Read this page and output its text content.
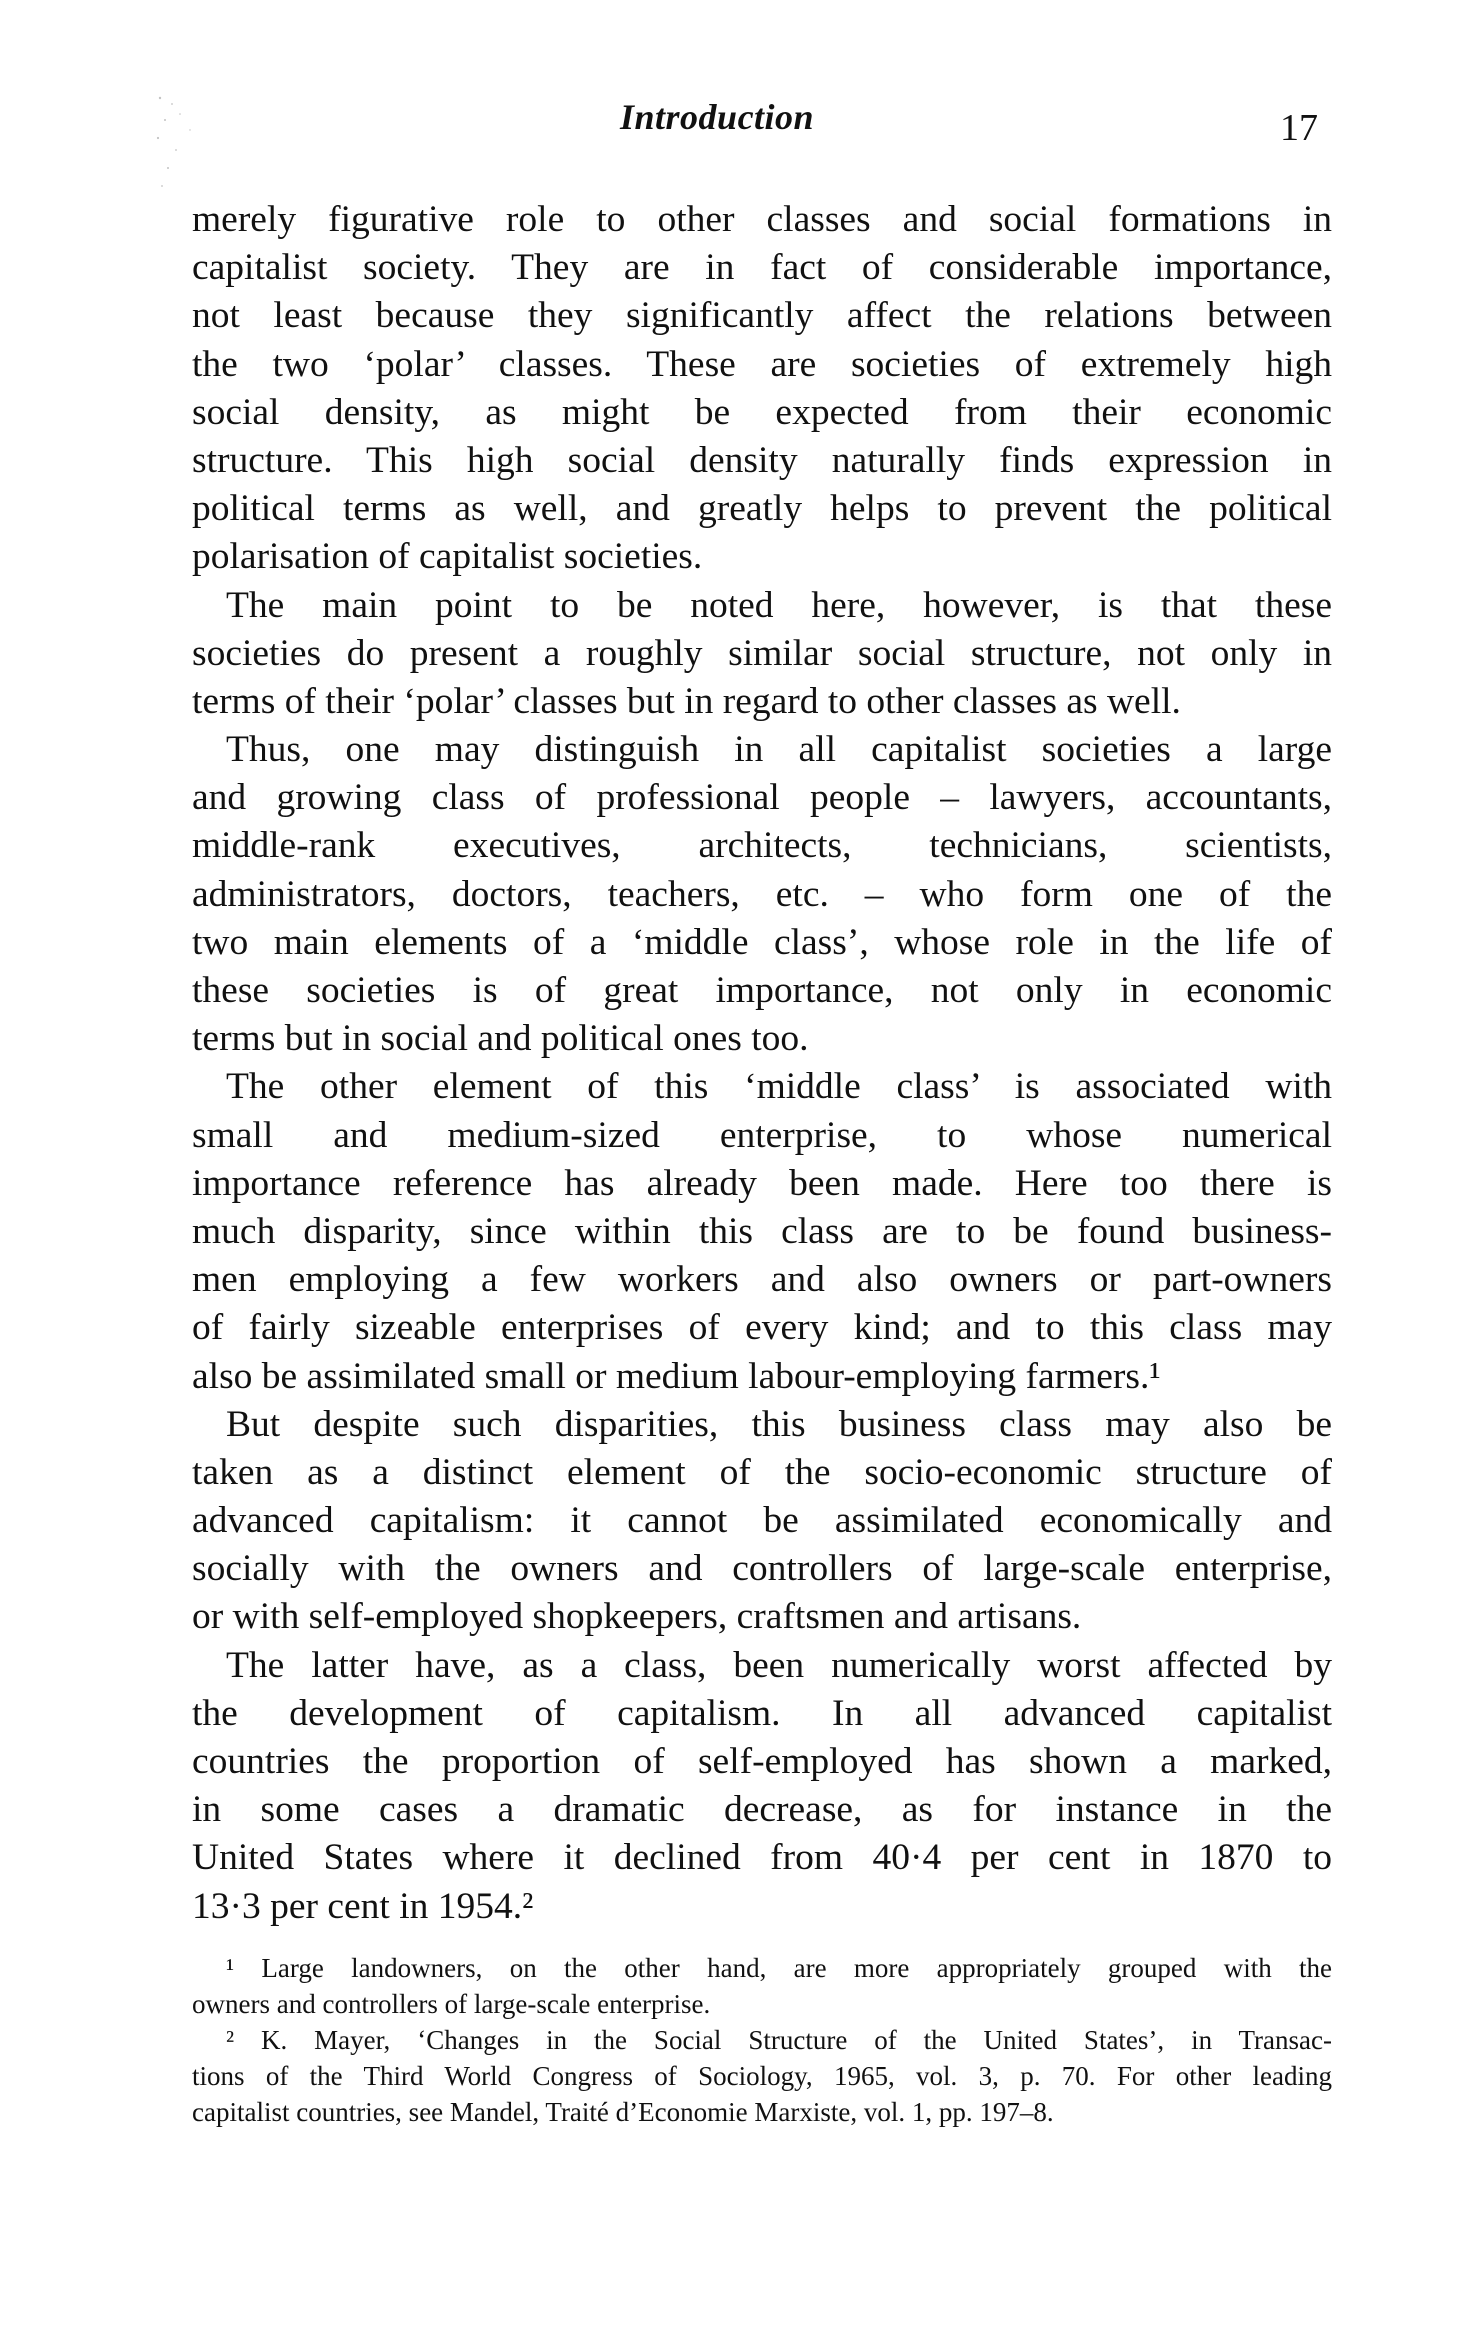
Introduction	17
merely figurative role to other classes and social formations in
capitalist society. They are in fact of considerable importance,
not least because they significantly affect the relations between
the two ‘polar’ classes. These are societies of extremely high
social density, as might be expected from their economic
structure. This high social density naturally finds expression in
political terms as well, and greatly helps to prevent the political
polarisation of capitalist societies.
The main point to be noted here, however, is that these
societies do present a roughly similar social structure, not only in
terms of their ‘polar’ classes but in regard to other classes as well.
Thus, one may distinguish in all capitalist societies a large
and growing class of professional people – lawyers, accountants,
middle-rank executives, architects, technicians, scientists,
administrators, doctors, teachers, etc. – who form one of the
two main elements of a ‘middle class’, whose role in the life of
these societies is of great importance, not only in economic
terms but in social and political ones too.
The other element of this ‘middle class’ is associated with
small and medium-sized enterprise, to whose numerical
importance reference has already been made. Here too there is
much disparity, since within this class are to be found business-
men employing a few workers and also owners or part-owners
of fairly sizeable enterprises of every kind; and to this class may
also be assimilated small or medium labour-employing farmers.¹
But despite such disparities, this business class may also be
taken as a distinct element of the socio-economic structure of
advanced capitalism: it cannot be assimilated economically and
socially with the owners and controllers of large-scale enterprise,
or with self-employed shopkeepers, craftsmen and artisans.
The latter have, as a class, been numerically worst affected by
the development of capitalism. In all advanced capitalist
countries the proportion of self-employed has shown a marked,
in some cases a dramatic decrease, as for instance in the
United States where it declined from 40·4 per cent in 1870 to
13·3 per cent in 1954.²
¹ Large landowners, on the other hand, are more appropriately grouped with the
owners and controllers of large-scale enterprise.
² K. Mayer, ‘Changes in the Social Structure of the United States’, in Transac-
tions of the Third World Congress of Sociology, 1965, vol. 3, p. 70. For other leading
capitalist countries, see Mandel, Traité d’Economie Marxiste, vol. 1, pp. 197–8.
